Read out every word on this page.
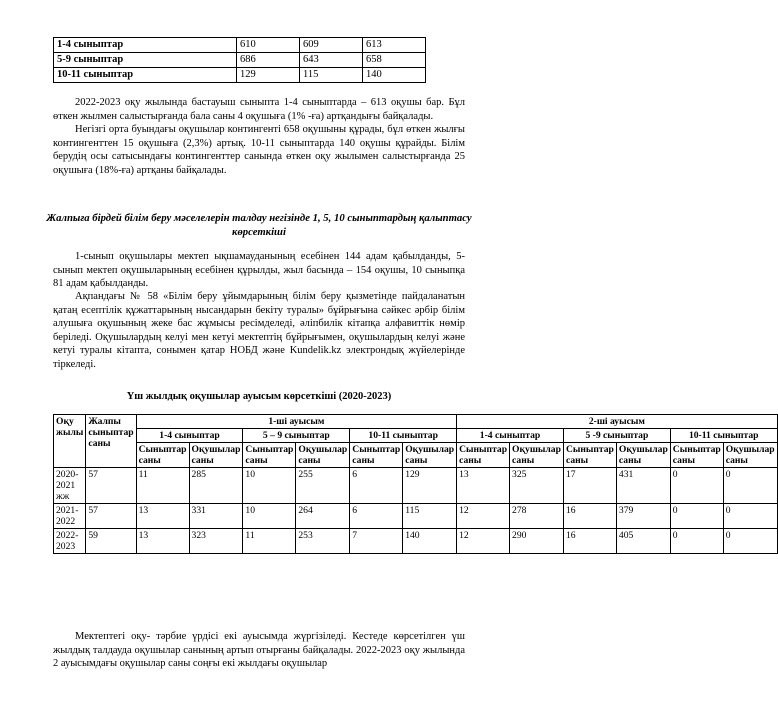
1-4 сыныптар	610	609	613
5-9 сыныптар	686	643	658
10-11 сыныптар	129	115	140

2022-2023 оқу жылында бастауыш сыныпта 1-4 сыныптарда – 613 оқушы бар. Бұл өткен жылмен салыстырғанда бала саны 4 оқушыға (1% -ға) артқандығы байқалады.

Негізгі орта буындағы оқушылар контингенті 658 оқушыны құрады, бұл өткен жылғы контингенттен 15 оқушыға (2,3%) артық. 10-11 сыныптарда 140 оқушы құрайды. Білім берудің осы сатысындағы контингенттер санында өткен оқу жылымен салыстырғанда 25 оқушыға (18%-ға) артқаны байқалады.

Жалпыға бірдей білім беру мәселелерін талдау негізінде 1, 5, 10 сыныптардың қалыптасу көрсеткіші

1-сынып оқушылары мектеп ықшамауданының есебінен 144 адам қабылданды, 5- сынып мектеп оқушыларының есебінен құрылды, жыл басында – 154 оқушы, 10 сыныпқа 81 адам қабылданды.

Ақпандағы № 58 «Білім беру ұйымдарының білім беру қызметінде пайдаланатын қатаң есептілік құжаттарының нысандарын бекіту туралы» бұйрығына сәйкес әрбір білім алушыға оқушының жеке бас жұмысы ресімделеді, әліпбилік кітапқа алфавиттік нөмір беріледі. Оқушылардың келуі мен кетуі мектептің бұйрығымен, оқушылардың келуі және кетуі туралы кітапта, сонымен қатар НОБД және Kundelik.kz электрондық жүйелерінде тіркеледі.

Үш жылдық оқушылар ауысым көрсеткіші (2020-2023)

Оқу жылы	Жалпы сыныптар саны	1-ші ауысым						2-ші ауысым					
		1-4 сыныптар		5 – 9 сыныптар		10-11 сыныптар		1-4 сыныптар		5 -9 сыныптар		10-11 сыныптар	
		Сыныптар саны	Оқушылар саны	Сыныптар саны	Оқушылар саны	Сыныптар саны	Оқушылар саны	Сыныптар саны	Оқушылар саны	Сыныптар саны	Оқушылар саны	Сыныптар саны	Оқушылар саны
2020-2021 жж	57	11	285	10	255	6	129	13	325	17	431	0	0
2021-2022	57	13	331	10	264	6	115	12	278	16	379	0	0
2022-2023	59	13	323	11	253	7	140	12	290	16	405	0	0

Мектептегі оқу- тәрбие үрдісі екі ауысымда жүргізіледі. Кестеде көрсетілген үш жылдық талдауда оқушылар санының артып отырғаны байқалады. 2022-2023 оқу жылында 2 ауысымдағы оқушылар саны соңғы екі жылдағы оқушылар
